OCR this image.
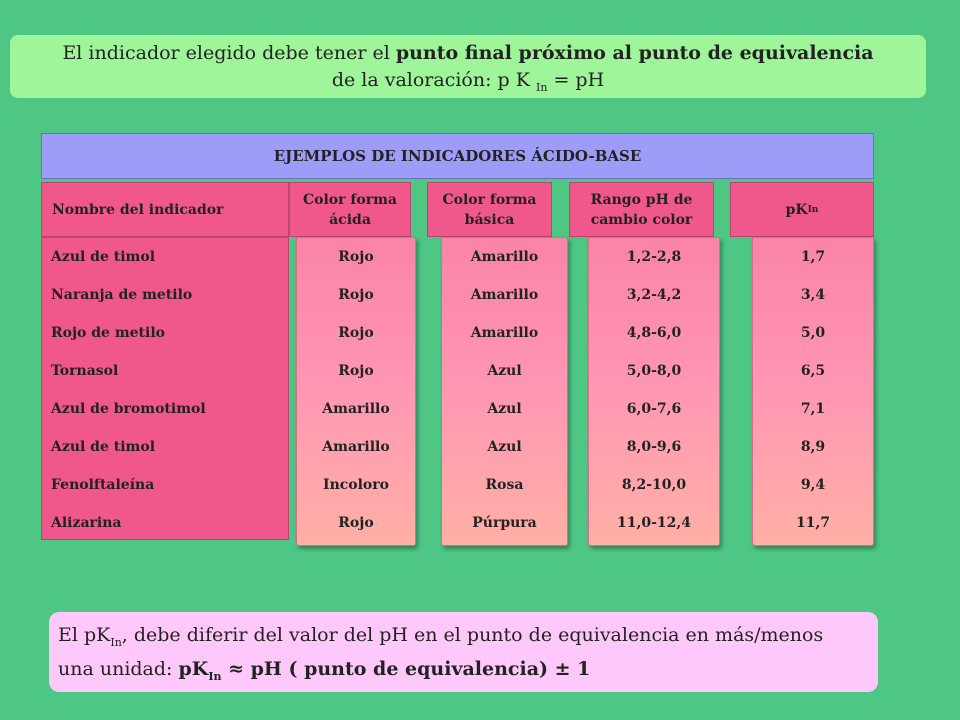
El indicador elegido debe tener el punto final próximo al punto de equivalencia
de la valoración: p K $_{In}$ = pH
EJEMPLOS DE INDICADORES ÁCIDO-BASE
Nombre del indicador
Color forma ácida
Color forma básica
Rango pH de cambio color
pK In
Azul de timol
Naranja de metilo
Rojo de metilo
Tornasol
Azul de bromotimol
Azul de timol
Fenolftaleína
Alizarina
Rojo
Rojo
Rojo
Rojo
Amarillo
Amarillo
Incoloro
Rojo
Amarillo
Amarillo
Amarillo
Azul
Azul
Azul
Rosa
Púrpura
1,2-2,8
3,2-4,2
4,8-6,0
5,0-8,0
6,0-7,6
8,0-9,6
8,2-10,0
11,0-12,4
1,7
3,4
5,0
6,5
7,1
8,9
9,4
11,7
El $pK_{In}$, debe diferir del valor del pH en el punto de equivalencia en más/menos
una unidad: $pK_{In}$ ≈ pH ( punto de equivalencia) ± 1
